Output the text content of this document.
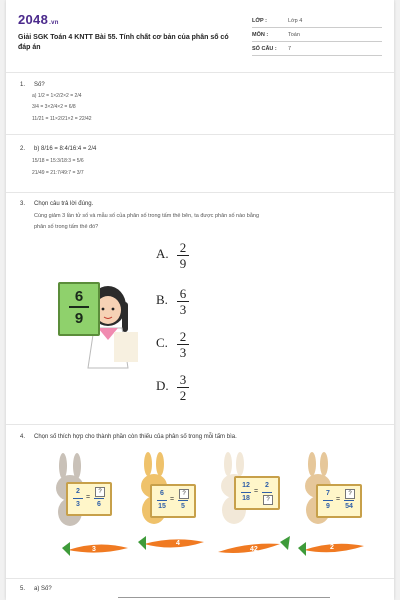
2048.vn
Giải SGK Toán 4 KNTT Bài 55. Tính chất cơ bản của phân số có đáp án
LỚP :	Lớp 4
MÔN :	Toán
SỐ CÂU : 7
1. Số?
a) 1/2 = 1×2/2×2 = 2/4
3/4 = 3×2/4×2 = 6/8
11/21 = 11×2/21×2 = 22/42
2. b) 8/16 = 8:4/16:4 = 2/4
15/18 = 15:3/18:3 = 5/6
21/49 = 21:7/49:7 = 3/7
3. Chọn câu trả lời đúng.
Cùng giảm 3 lần tử số và mẫu số của phân số trong tấm thẻ bên, ta được phân số nào bằng
phân số trong tấm thẻ đó?
6
9
A. 2
9
B. 6
3
C. 2
3
D. 3
2
4. Chọn số thích hợp cho thành phần còn thiếu của phân số trong mỗi tấm bìa.
2
3
=
?
6
6
15
=
?
5
12
18
=
2
?
7
9
=
?
54
3
4
42	2
5. a) Số?
